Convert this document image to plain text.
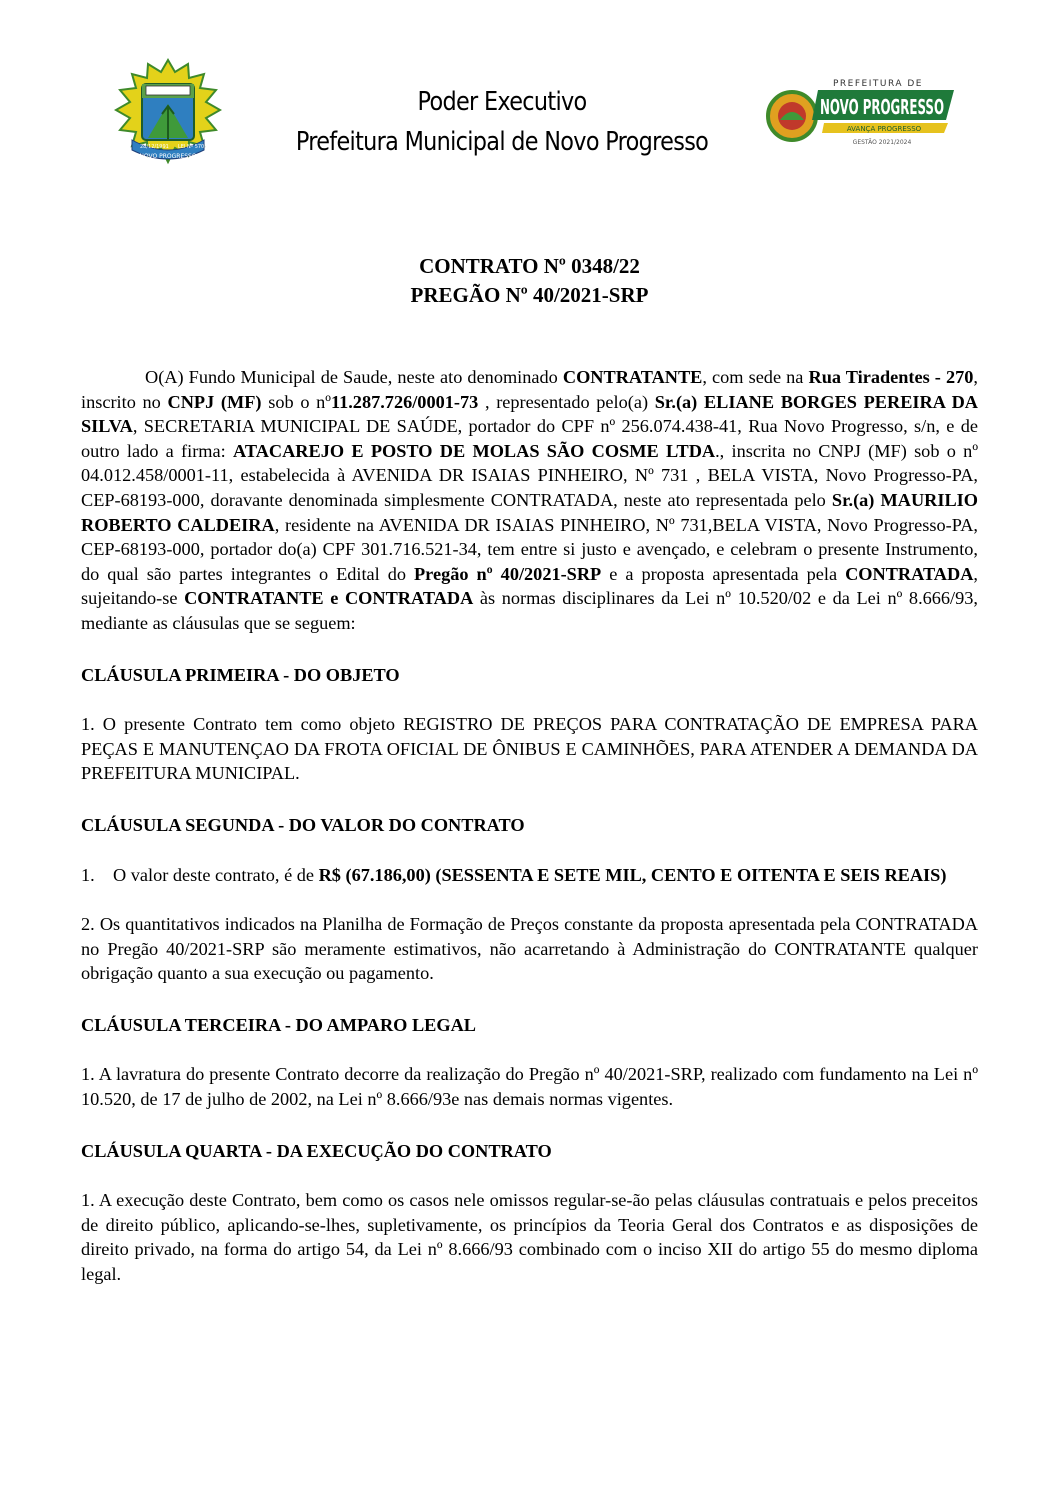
28/12/1991 LEI Nº 5700
NOVO PROGRESSO
Poder Executivo
Prefeitura Municipal de Novo Progresso
PREFEITURA DE
NOVO PROGRESSO
AVANÇA PROGRESSO
GESTÃO 2021/2024
CONTRATO Nº 0348/22
PREGÃO Nº 40/2021-SRP

O(A) Fundo Municipal de Saude, neste ato denominado CONTRATANTE, com sede na Rua Tiradentes - 270, inscrito no CNPJ (MF) sob o nº11.287.726/0001-73 , representado pelo(a) Sr.(a) ELIANE BORGES PEREIRA DA SILVA, SECRETARIA MUNICIPAL DE SAÚDE, portador do CPF nº 256.074.438-41, Rua Novo Progresso, s/n, e de outro lado a firma: ATACAREJO E POSTO DE MOLAS SÃO COSME LTDA., inscrita no CNPJ (MF) sob o nº 04.012.458/0001-11, estabelecida à AVENIDA DR ISAIAS PINHEIRO, Nº 731 , BELA VISTA, Novo Progresso-PA, CEP-68193-000, doravante denominada simplesmente CONTRATADA, neste ato representada pelo Sr.(a) MAURILIO ROBERTO CALDEIRA, residente na AVENIDA DR ISAIAS PINHEIRO, Nº 731,BELA VISTA, Novo Progresso-PA, CEP-68193-000, portador do(a) CPF 301.716.521-34, tem entre si justo e avençado, e celebram o presente Instrumento, do qual são partes integrantes o Edital do Pregão nº 40/2021-SRP e a proposta apresentada pela CONTRATADA, sujeitando-se CONTRATANTE e CONTRATADA às normas disciplinares da Lei nº 10.520/02 e da Lei nº 8.666/93, mediante as cláusulas que se seguem:

CLÁUSULA PRIMEIRA - DO OBJETO

1. O presente Contrato tem como objeto REGISTRO DE PREÇOS PARA CONTRATAÇÃO DE EMPRESA PARA PEÇAS E MANUTENÇAO DA FROTA OFICIAL DE ÔNIBUS E CAMINHÕES, PARA ATENDER A DEMANDA DA PREFEITURA MUNICIPAL.

CLÁUSULA SEGUNDA - DO VALOR DO CONTRATO

1.    O valor deste contrato, é de R$ (67.186,00) (SESSENTA E SETE MIL, CENTO E OITENTA E SEIS REAIS)

2. Os quantitativos indicados na Planilha de Formação de Preços constante da proposta apresentada pela CONTRATADA no Pregão 40/2021-SRP são meramente estimativos, não acarretando à Administração do CONTRATANTE qualquer obrigação quanto a sua execução ou pagamento.

CLÁUSULA TERCEIRA - DO AMPARO LEGAL

1. A lavratura do presente Contrato decorre da realização do Pregão nº 40/2021-SRP, realizado com fundamento na Lei nº 10.520, de 17 de julho de 2002, na Lei nº 8.666/93e nas demais normas vigentes.

CLÁUSULA QUARTA - DA EXECUÇÃO DO CONTRATO

1. A execução deste Contrato, bem como os casos nele omissos regular-se-ão pelas cláusulas contratuais e pelos preceitos de direito público, aplicando-se-lhes, supletivamente, os princípios da Teoria Geral dos Contratos e as disposições de direito privado, na forma do artigo 54, da Lei nº 8.666/93 combinado com o inciso XII do artigo 55 do mesmo diploma legal.
